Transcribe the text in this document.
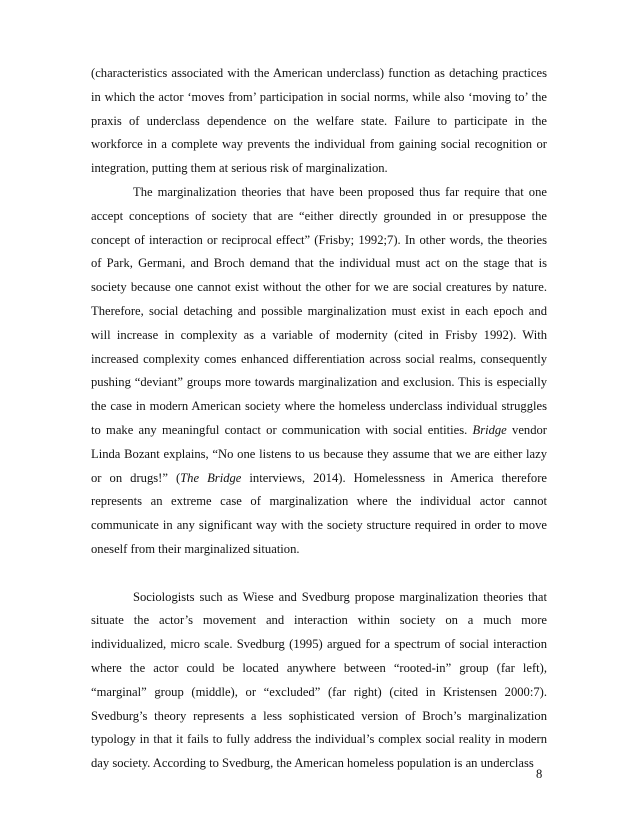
(characteristics associated with the American underclass) function as detaching practices in which the actor ‘moves from’ participation in social norms, while also ‘moving to’ the praxis of underclass dependence on the welfare state. Failure to participate in the workforce in a complete way prevents the individual from gaining social recognition or integration, putting them at serious risk of marginalization.

The marginalization theories that have been proposed thus far require that one accept conceptions of society that are “either directly grounded in or presuppose the concept of interaction or reciprocal effect” (Frisby; 1992;7). In other words, the theories of Park, Germani, and Broch demand that the individual must act on the stage that is society because one cannot exist without the other for we are social creatures by nature. Therefore, social detaching and possible marginalization must exist in each epoch and will increase in complexity as a variable of modernity (cited in Frisby 1992). With increased complexity comes enhanced differentiation across social realms, consequently pushing “deviant” groups more towards marginalization and exclusion. This is especially the case in modern American society where the homeless underclass individual struggles to make any meaningful contact or communication with social entities. Bridge vendor Linda Bozant explains, “No one listens to us because they assume that we are either lazy or on drugs!” (The Bridge interviews, 2014). Homelessness in America therefore represents an extreme case of marginalization where the individual actor cannot communicate in any significant way with the society structure required in order to move oneself from their marginalized situation.

Sociologists such as Wiese and Svedburg propose marginalization theories that situate the actor’s movement and interaction within society on a much more individualized, micro scale. Svedburg (1995) argued for a spectrum of social interaction where the actor could be located anywhere between “rooted-in” group (far left), “marginal” group (middle), or “excluded” (far right) (cited in Kristensen 2000:7). Svedburg’s theory represents a less sophisticated version of Broch’s marginalization typology in that it fails to fully address the individual’s complex social reality in modern day society. According to Svedburg, the American homeless population is an underclass

8
